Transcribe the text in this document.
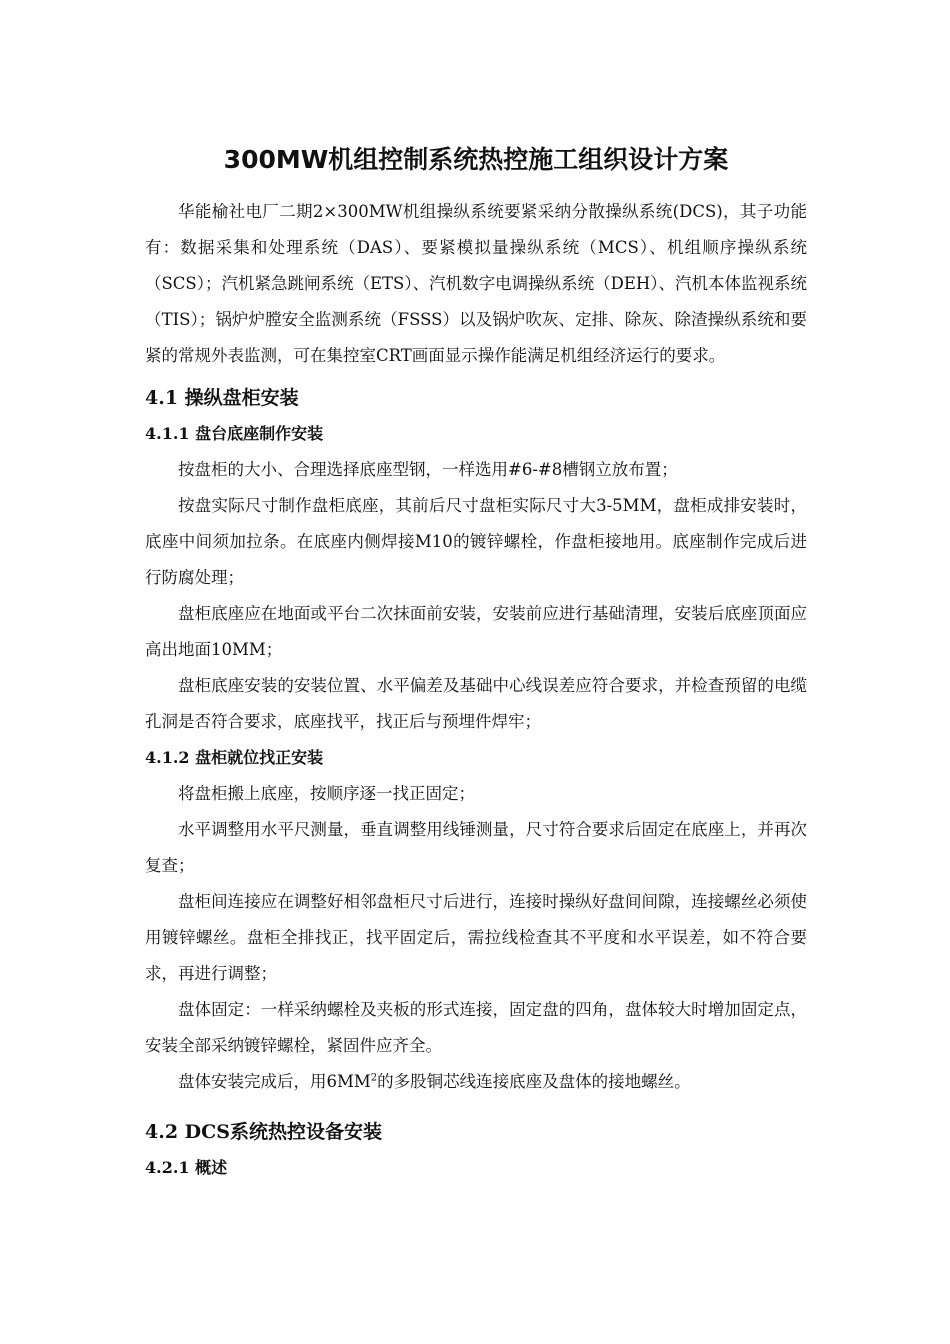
300MW机组控制系统热控施工组织设计方案

华能榆社电厂二期2×300MW机组操纵系统要紧采纳分散操纵系统(DCS)，其子功能有：数据采集和处理系统（DAS）、要紧模拟量操纵系统（MCS）、机组顺序操纵系统（SCS）；汽机紧急跳闸系统（ETS）、汽机数字电调操纵系统（DEH）、汽机本体监视系统（TIS）；锅炉炉膛安全监测系统（FSSS）以及锅炉吹灰、定排、除灰、除渣操纵系统和要紧的常规外表监测，可在集控室CRT画面显示操作能满足机组经济运行的要求。

4.1 操纵盘柜安装
4.1.1 盘台底座制作安装

按盘柜的大小、合理选择底座型钢，一样选用#6-#8槽钢立放布置；

按盘实际尺寸制作盘柜底座，其前后尺寸盘柜实际尺寸大3-5MM，盘柜成排安装时，底座中间须加拉条。在底座内侧焊接M10的镀锌螺栓，作盘柜接地用。底座制作完成后进行防腐处理；

盘柜底座应在地面或平台二次抹面前安装，安装前应进行基础清理，安装后底座顶面应高出地面10MM；

盘柜底座安装的安装位置、水平偏差及基础中心线误差应符合要求，并检查预留的电缆孔洞是否符合要求，底座找平，找正后与预埋件焊牢；

4.1.2 盘柜就位找正安装

将盘柜搬上底座，按顺序逐一找正固定；

水平调整用水平尺测量，垂直调整用线锤测量，尺寸符合要求后固定在底座上，并再次复查；

盘柜间连接应在调整好相邻盘柜尺寸后进行，连接时操纵好盘间间隙，连接螺丝必须使用镀锌螺丝。盘柜全排找正，找平固定后，需拉线检查其不平度和水平误差，如不符合要求，再进行调整；

盘体固定：一样采纳螺栓及夹板的形式连接，固定盘的四角，盘体较大时增加固定点，安装全部采纳镀锌螺栓，紧固件应齐全。

盘体安装完成后，用$6MM^2$的多股铜芯线连接底座及盘体的接地螺丝。

4.2 DCS系统热控设备安装
4.2.1 概述
